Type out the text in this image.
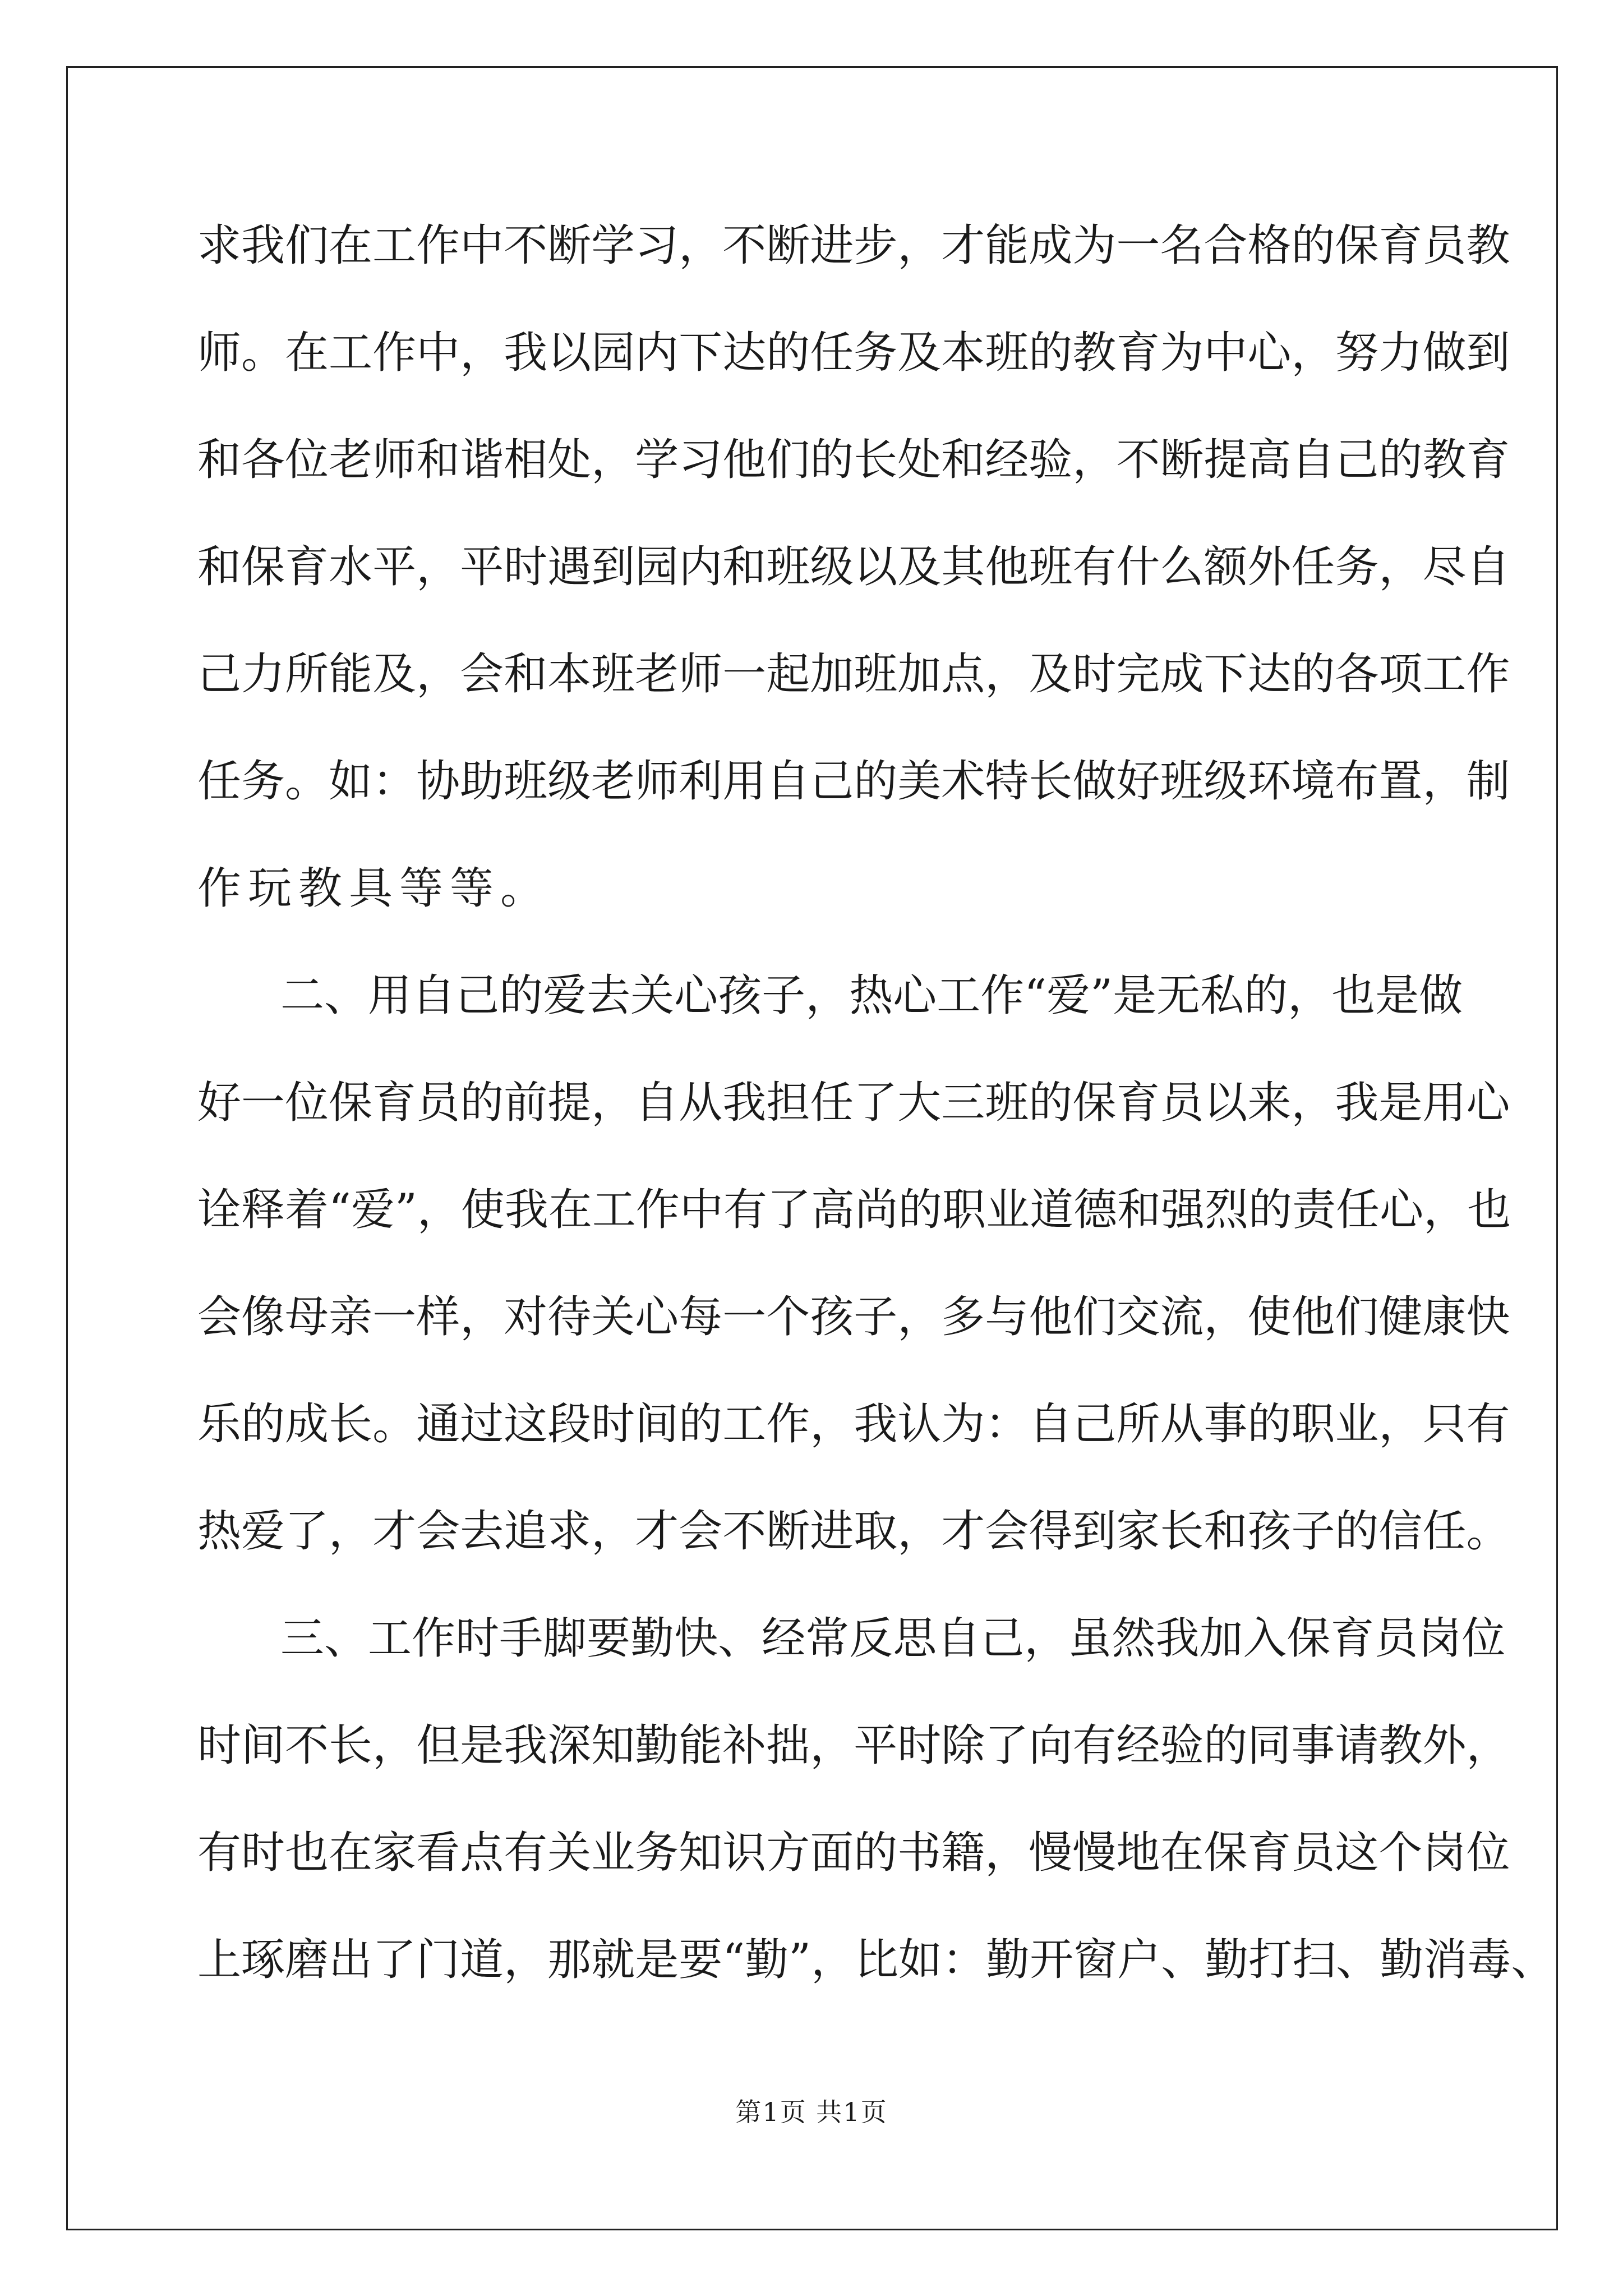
求 我 们 在 工 作 中 不 断 学 习 ， 不 断 进 步 ， 才 能 成 为 一 名 合 格 的 保 育 员 教
师 。 在 工 作 中 ， 我 以 园 内 下 达 的 任 务 及 本 班 的 教 育 为 中 心 ， 努 力 做 到
和 各 位 老 师 和 谐 相 处 ， 学 习 他 们 的 长 处 和 经 验 ， 不 断 提 高 自 己 的 教 育
和 保 育 水 平 ， 平 时 遇 到 园 内 和 班 级 以 及 其 他 班 有 什 么 额 外 任 务 ， 尽 自
己 力 所 能 及 ， 会 和 本 班 老 师 一 起 加 班 加 点 ， 及 时 完 成 下 达 的 各 项 工 作
任 务 。 如 ： 协 助 班 级 老 师 利 用 自 己 的 美 术 特 长 做 好 班 级 环 境 布 置 ， 制
作玩教具等等。
二 、 用 自 己 的 爱 去 关 心 孩 子 ， 热 心 工 作 “ 爱 ” 是 无 私 的 ， 也 是 做
好 一 位 保 育 员 的 前 提 ， 自 从 我 担 任 了 大 三 班 的 保 育 员 以 来 ， 我 是 用 心
诠 释 着 “ 爱 ” ， 使 我 在 工 作 中 有 了 高 尚 的 职 业 道 德 和 强 烈 的 责 任 心 ， 也
会 像 母 亲 一 样 ， 对 待 关 心 每 一 个 孩 子 ， 多 与 他 们 交 流 ， 使 他 们 健 康 快
乐 的 成 长 。 通 过 这 段 时 间 的 工 作 ， 我 认 为 ： 自 己 所 从 事 的 职 业 ， 只 有
热 爱 了 ， 才 会 去 追 求 ， 才 会 不 断 进 取 ， 才 会 得 到 家 长 和 孩 子 的 信 任 。
三 、 工 作 时 手 脚 要 勤 快 、 经 常 反 思 自 己 ， 虽 然 我 加 入 保 育 员 岗 位
时 间 不 长 ， 但 是 我 深 知 勤 能 补 拙 ， 平 时 除 了 向 有 经 验 的 同 事 请 教 外 ，
有 时 也 在 家 看 点 有 关 业 务 知 识 方 面 的 书 籍 ， 慢 慢 地 在 保 育 员 这 个 岗 位
上 琢 磨 出 了 门 道 ， 那 就 是 要 “ 勤 ” ， 比 如 ： 勤 开 窗 户 、 勤 打 扫 、 勤 消 毒 、
第1页 共1页
